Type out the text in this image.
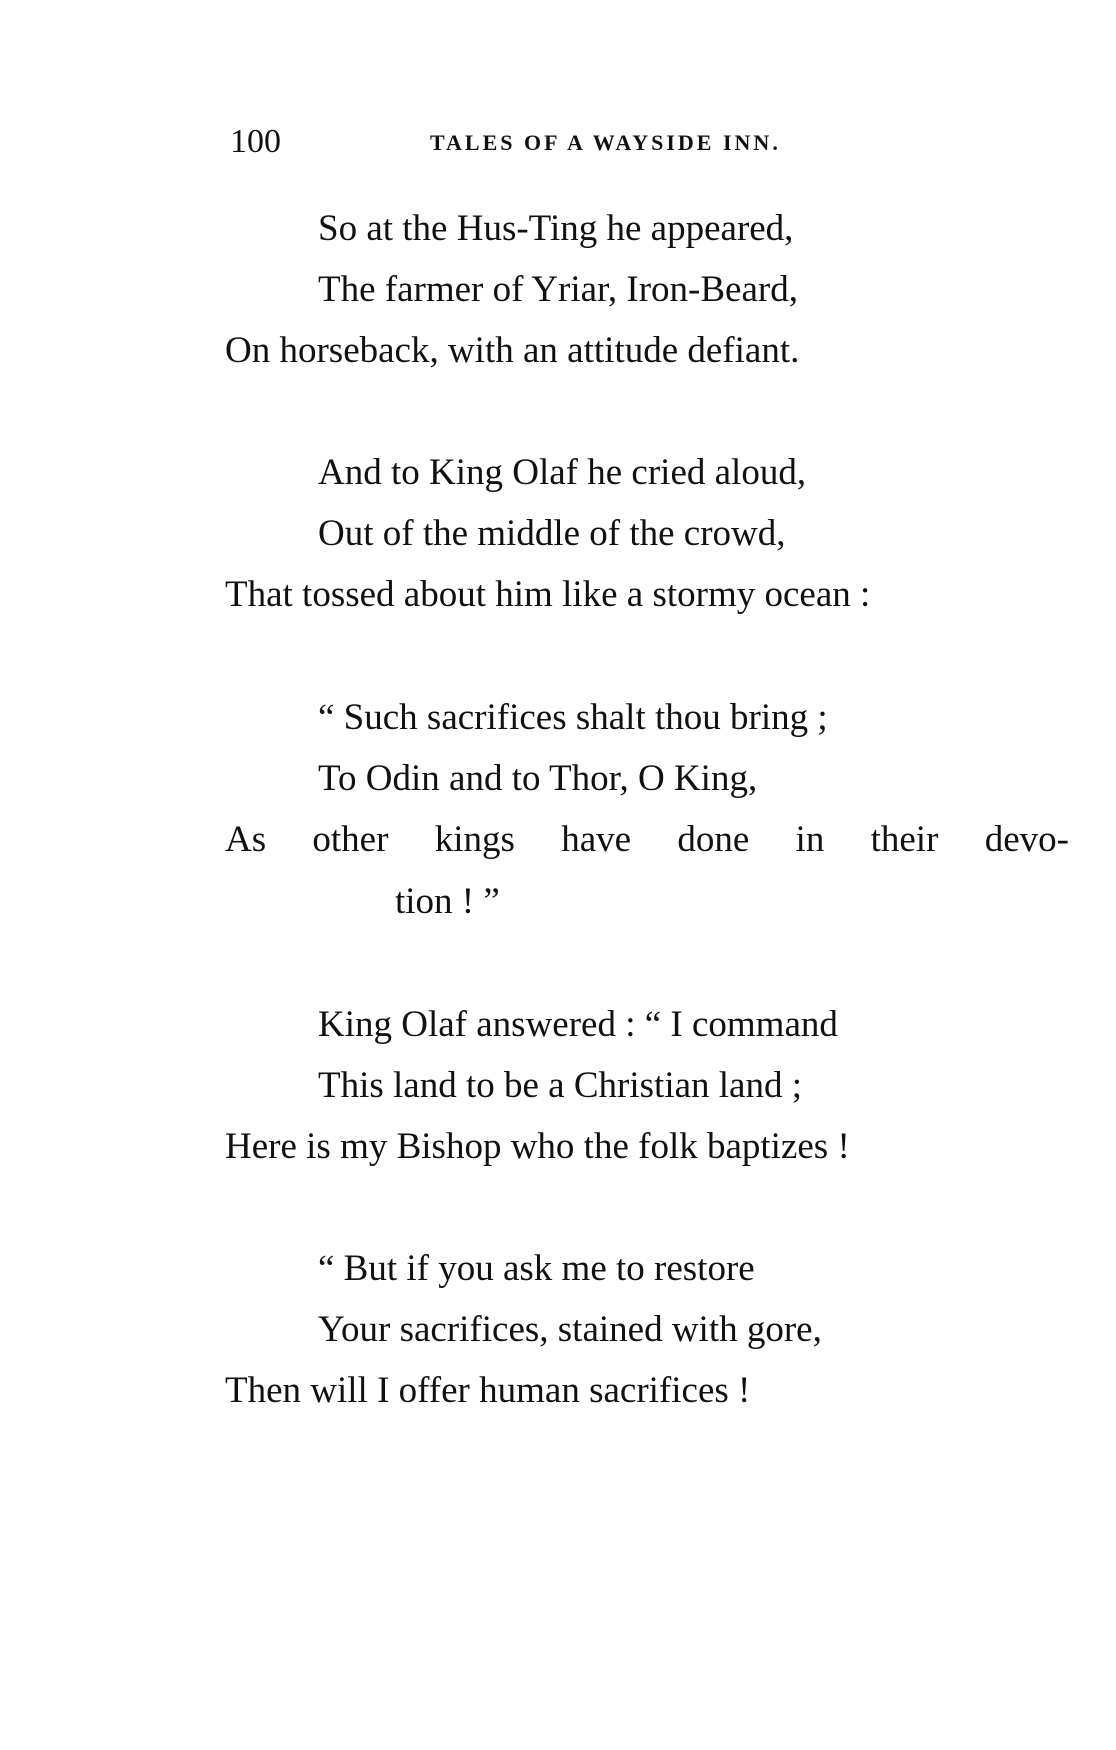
100	TALES OF A WAYSIDE INN.
So at the Hus-Ting he appeared,
The farmer of Yriar, Iron-Beard,
On horseback, with an attitude defiant.
And to King Olaf he cried aloud,
Out of the middle of the crowd,
That tossed about him like a stormy ocean :
“ Such sacrifices shalt thou bring ;
To Odin and to Thor, O King,
As other kings have done in their devo-
tion ! ”
King Olaf answered : “ I command
This land to be a Christian land ;
Here is my Bishop who the folk baptizes !
“ But if you ask me to restore
Your sacrifices, stained with gore,
Then will I offer human sacrifices !
